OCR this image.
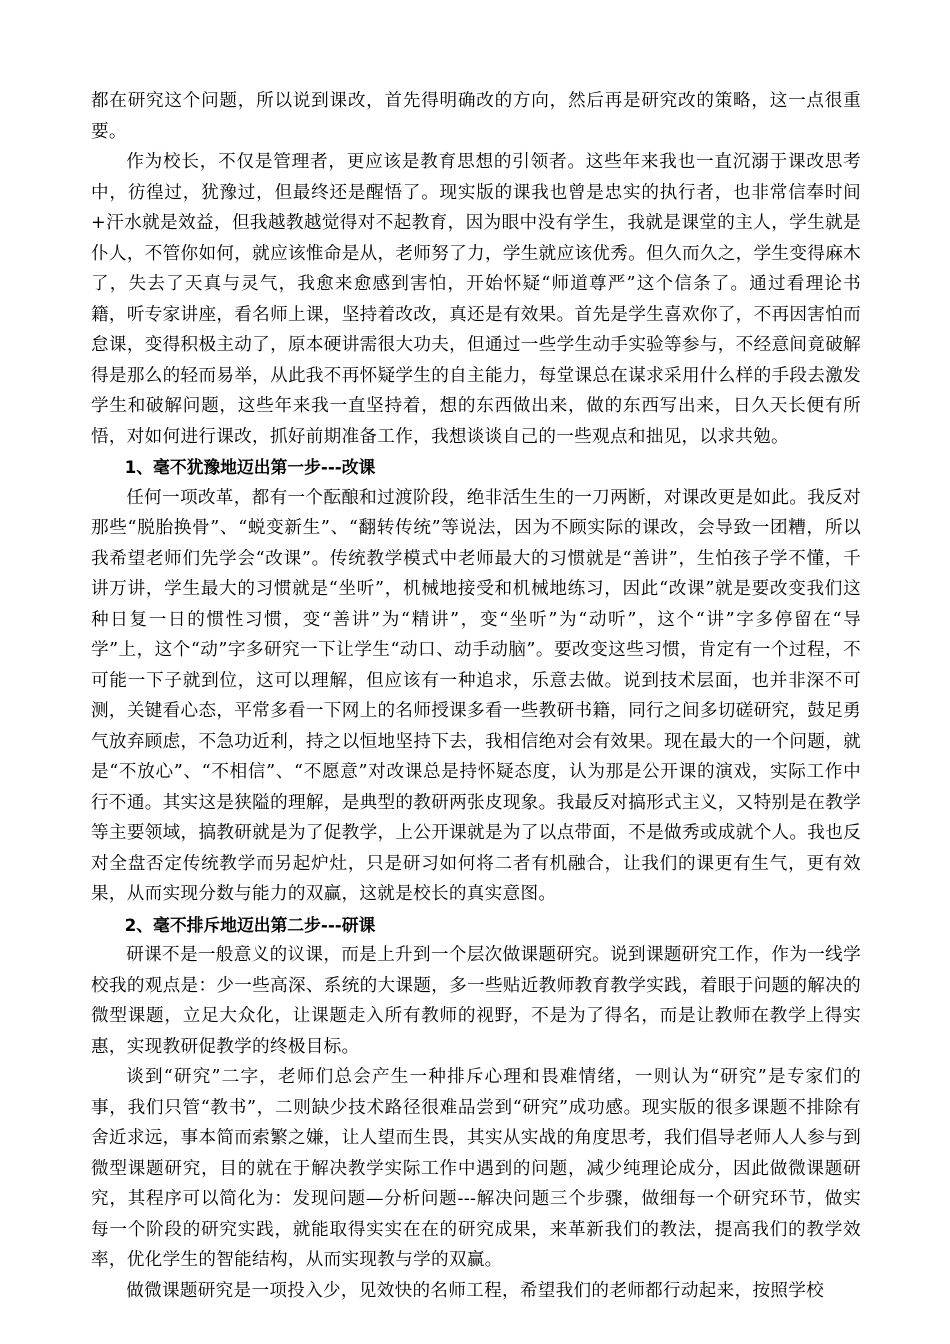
都在研究这个问题，所以说到课改，首先得明确改的方向，然后再是研究改的策略，这一点很重要。

作为校长，不仅是管理者，更应该是教育思想的引领者。这些年来我也一直沉溺于课改思考中，彷徨过，犹豫过，但最终还是醒悟了。现实版的课我也曾是忠实的执行者，也非常信奉时间+汗水就是效益，但我越教越觉得对不起教育，因为眼中没有学生，我就是课堂的主人，学生就是仆人，不管你如何，就应该惟命是从，老师努了力，学生就应该优秀。但久而久之，学生变得麻木了，失去了天真与灵气，我愈来愈感到害怕，开始怀疑“师道尊严”这个信条了。通过看理论书籍，听专家讲座，看名师上课，坚持着改改，真还是有效果。首先是学生喜欢你了，不再因害怕而怠课，变得积极主动了，原本硬讲需很大功夫，但通过一些学生动手实验等参与，不经意间竟破解得是那么的轻而易举，从此我不再怀疑学生的自主能力，每堂课总在谋求采用什么样的手段去激发学生和破解问题，这些年来我一直坚持着，想的东西做出来，做的东西写出来，日久天长便有所悟，对如何进行课改，抓好前期准备工作，我想谈谈自己的一些观点和拙见，以求共勉。

1、毫不犹豫地迈出第一步---改课

任何一项改革，都有一个酝酿和过渡阶段，绝非活生生的一刀两断，对课改更是如此。我反对那些“脱胎换骨”、“蜕变新生”、“翻转传统”等说法，因为不顾实际的课改，会导致一团糟，所以我希望老师们先学会“改课”。传统教学模式中老师最大的习惯就是“善讲”，生怕孩子学不懂，千讲万讲，学生最大的习惯就是“坐听”，机械地接受和机械地练习，因此“改课”就是要改变我们这种日复一日的惯性习惯，变“善讲”为“精讲”，变“坐听”为“动听”，这个“讲”字多停留在“导学”上，这个“动”字多研究一下让学生“动口、动手动脑”。要改变这些习惯，肯定有一个过程，不可能一下子就到位，这可以理解，但应该有一种追求，乐意去做。说到技术层面，也并非深不可测，关键看心态，平常多看一下网上的名师授课多看一些教研书籍，同行之间多切磋研究，鼓足勇气放弃顾虑，不急功近利，持之以恒地坚持下去，我相信绝对会有效果。现在最大的一个问题，就是“不放心”、“不相信”、“不愿意”对改课总是持怀疑态度，认为那是公开课的演戏，实际工作中行不通。其实这是狭隘的理解，是典型的教研两张皮现象。我最反对搞形式主义，又特别是在教学等主要领域，搞教研就是为了促教学，上公开课就是为了以点带面，不是做秀或成就个人。我也反对全盘否定传统教学而另起炉灶，只是研习如何将二者有机融合，让我们的课更有生气，更有效果，从而实现分数与能力的双赢，这就是校长的真实意图。

2、毫不排斥地迈出第二步---研课

研课不是一般意义的议课，而是上升到一个层次做课题研究。说到课题研究工作，作为一线学校我的观点是：少一些高深、系统的大课题，多一些贴近教师教育教学实践，着眼于问题的解决的微型课题，立足大众化，让课题走入所有教师的视野，不是为了得名，而是让教师在教学上得实惠，实现教研促教学的终极目标。

谈到“研究”二字，老师们总会产生一种排斥心理和畏难情绪，一则认为“研究”是专家们的事，我们只管“教书”，二则缺少技术路径很难品尝到“研究”成功感。现实版的很多课题不排除有舍近求远，事本简而索繁之嫌，让人望而生畏，其实从实战的角度思考，我们倡导老师人人参与到微型课题研究，目的就在于解决教学实际工作中遇到的问题，减少纯理论成分，因此做微课题研究，其程序可以简化为：发现问题—分析问题---解决问题三个步骤，做细每一个研究环节，做实每一个阶段的研究实践，就能取得实实在在的研究成果，来革新我们的教法，提高我们的教学效率，优化学生的智能结构，从而实现教与学的双赢。

做微课题研究是一项投入少，见效快的名师工程，希望我们的老师都行动起来，按照学校
